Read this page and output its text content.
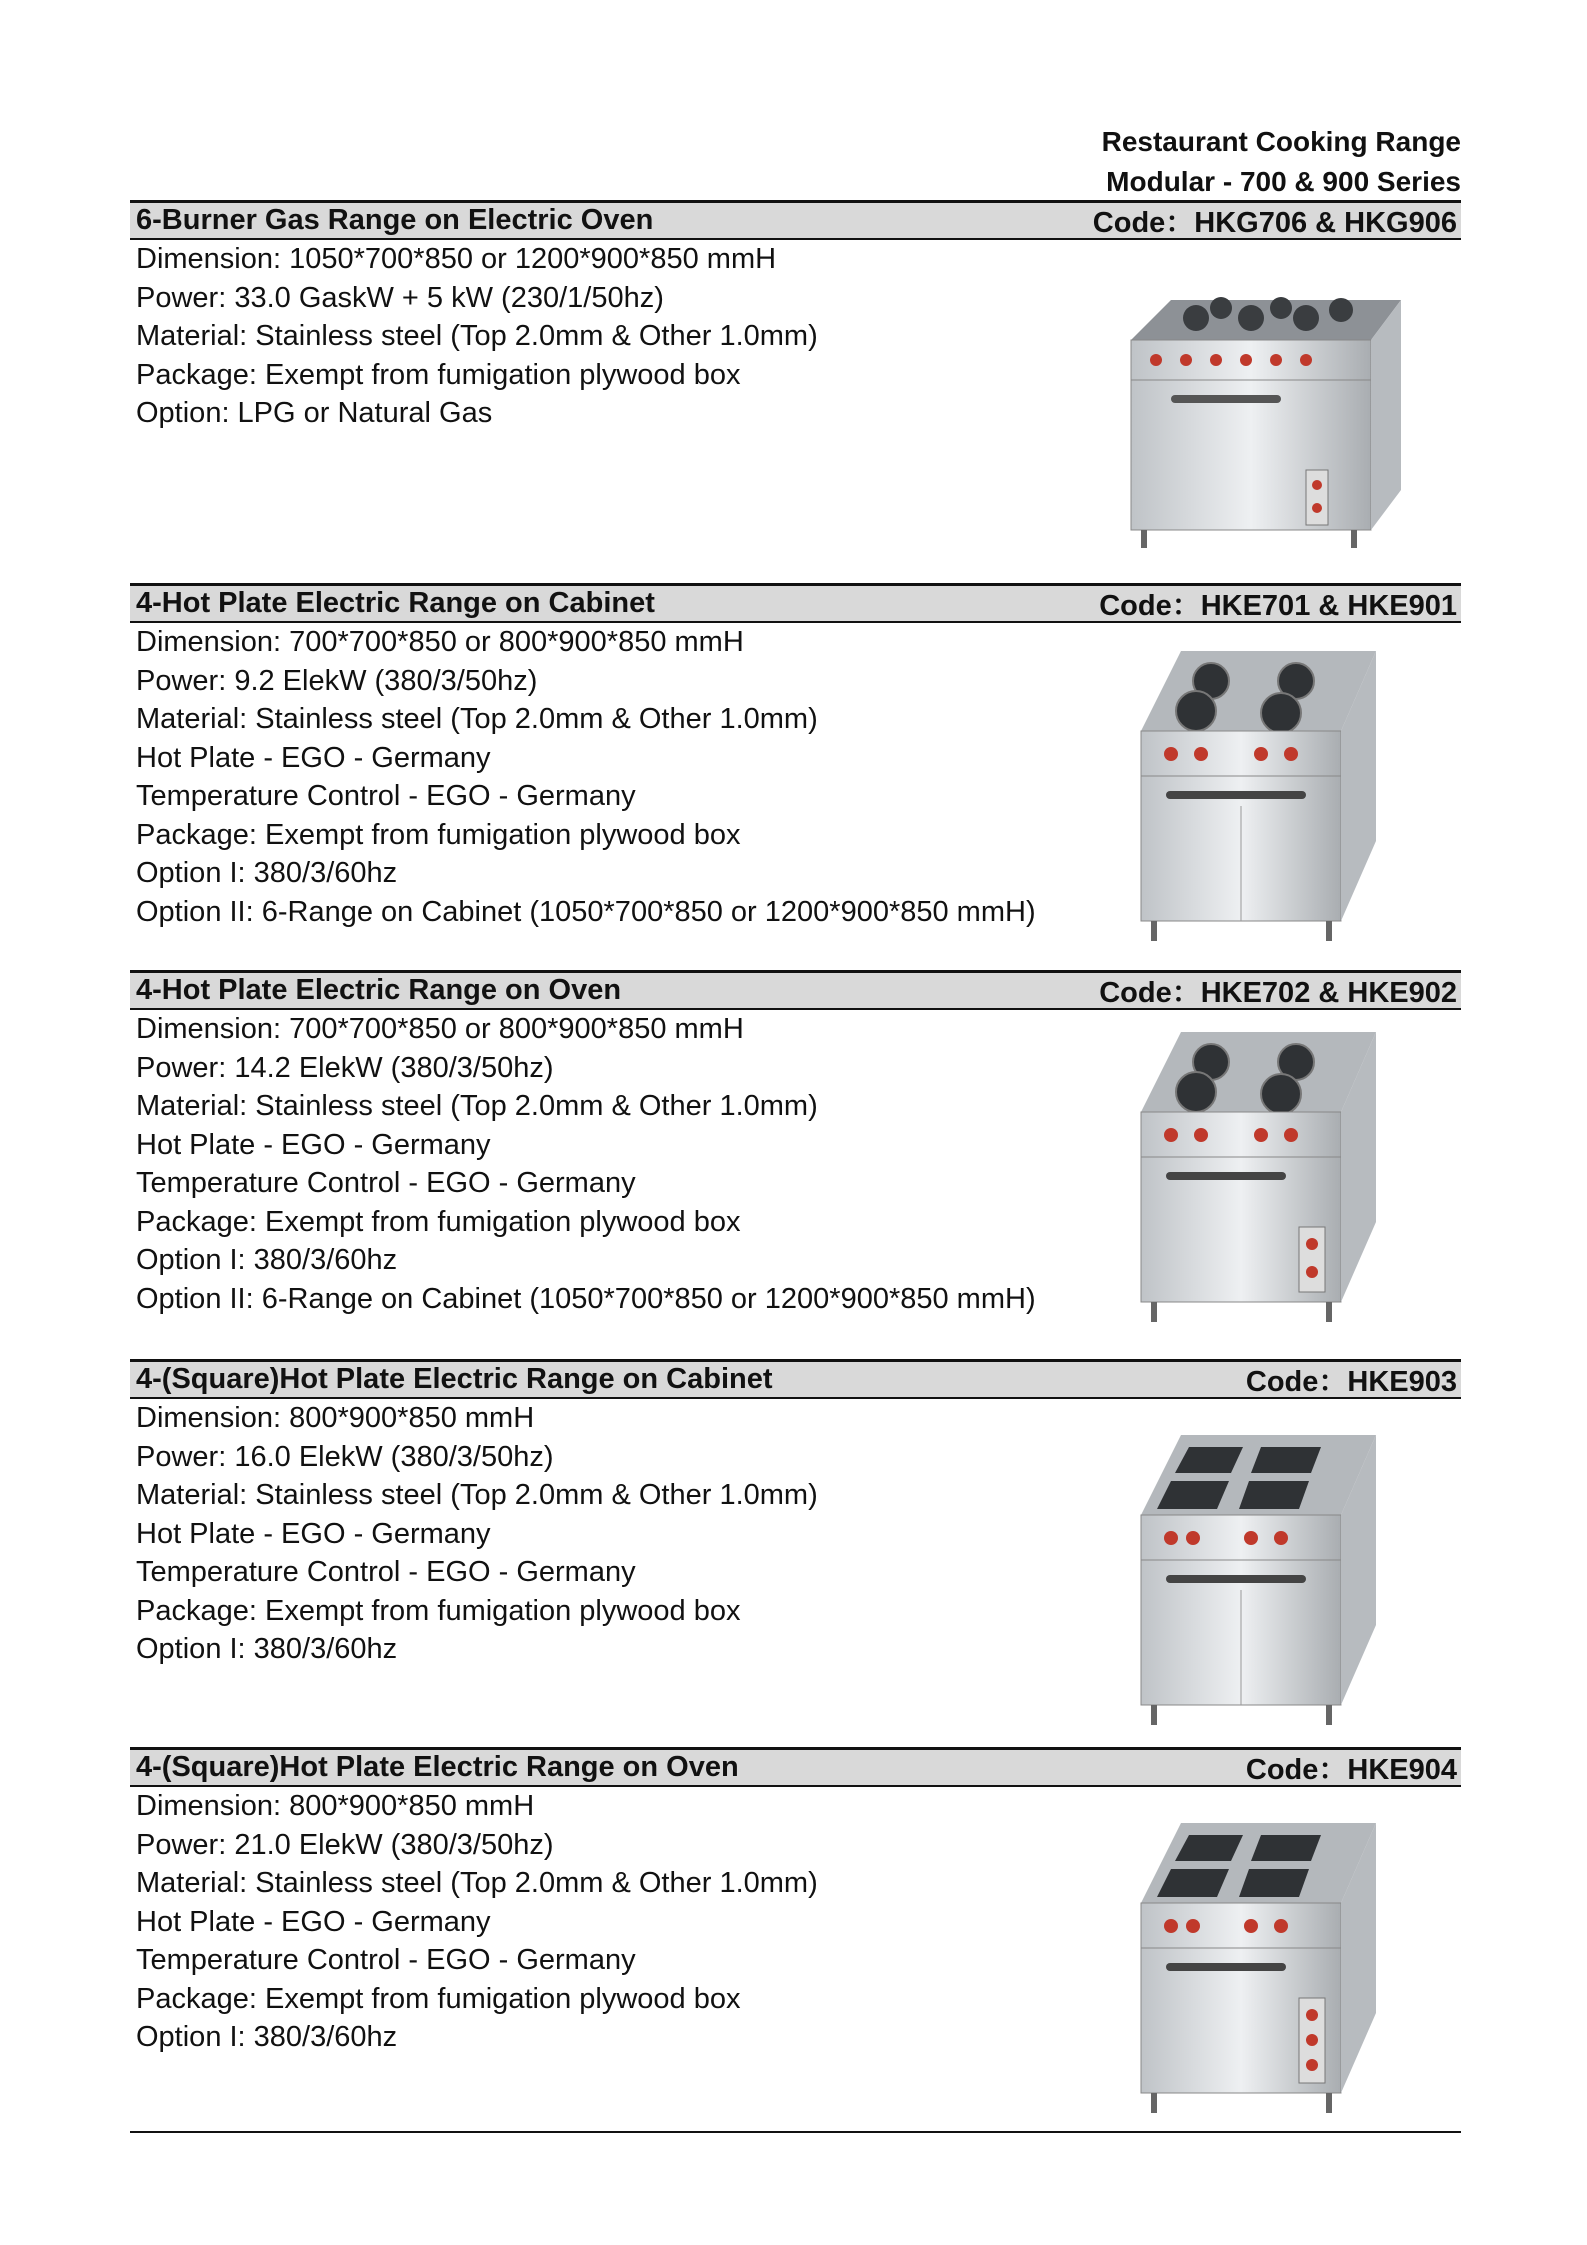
Restaurant Cooking Range
Modular - 700 & 900 Series
6-Burner Gas Range on Electric Oven	Code：HKG706 & HKG906
Dimension: 1050*700*850 or 1200*900*850 mmH
Power: 33.0 GaskW + 5 kW (230/1/50hz)
Material: Stainless steel (Top 2.0mm & Other 1.0mm)
Package: Exempt from fumigation plywood box
Option: LPG or Natural Gas
4-Hot Plate Electric Range on Cabinet	Code：HKE701 & HKE901
Dimension: 700*700*850 or 800*900*850 mmH
Power: 9.2 ElekW (380/3/50hz)
Material: Stainless steel (Top 2.0mm & Other 1.0mm)
Hot Plate - EGO - Germany
Temperature Control - EGO - Germany
Package: Exempt from fumigation plywood box
Option I: 380/3/60hz
Option II: 6-Range on Cabinet (1050*700*850 or 1200*900*850 mmH)
4-Hot Plate Electric Range on Oven	Code：HKE702 & HKE902
Dimension: 700*700*850 or 800*900*850 mmH
Power: 14.2 ElekW (380/3/50hz)
Material: Stainless steel (Top 2.0mm & Other 1.0mm)
Hot Plate - EGO - Germany
Temperature Control - EGO - Germany
Package: Exempt from fumigation plywood box
Option I: 380/3/60hz
Option II: 6-Range on Cabinet (1050*700*850 or 1200*900*850 mmH)
4-(Square)Hot Plate Electric Range on Cabinet	Code：HKE903
Dimension: 800*900*850 mmH
Power: 16.0 ElekW (380/3/50hz)
Material: Stainless steel (Top 2.0mm & Other 1.0mm)
Hot Plate - EGO - Germany
Temperature Control - EGO - Germany
Package: Exempt from fumigation plywood box
Option I: 380/3/60hz
4-(Square)Hot Plate Electric Range on Oven	Code：HKE904
Dimension: 800*900*850 mmH
Power: 21.0 ElekW (380/3/50hz)
Material: Stainless steel (Top 2.0mm & Other 1.0mm)
Hot Plate - EGO - Germany
Temperature Control - EGO - Germany
Package: Exempt from fumigation plywood box
Option I: 380/3/60hz
